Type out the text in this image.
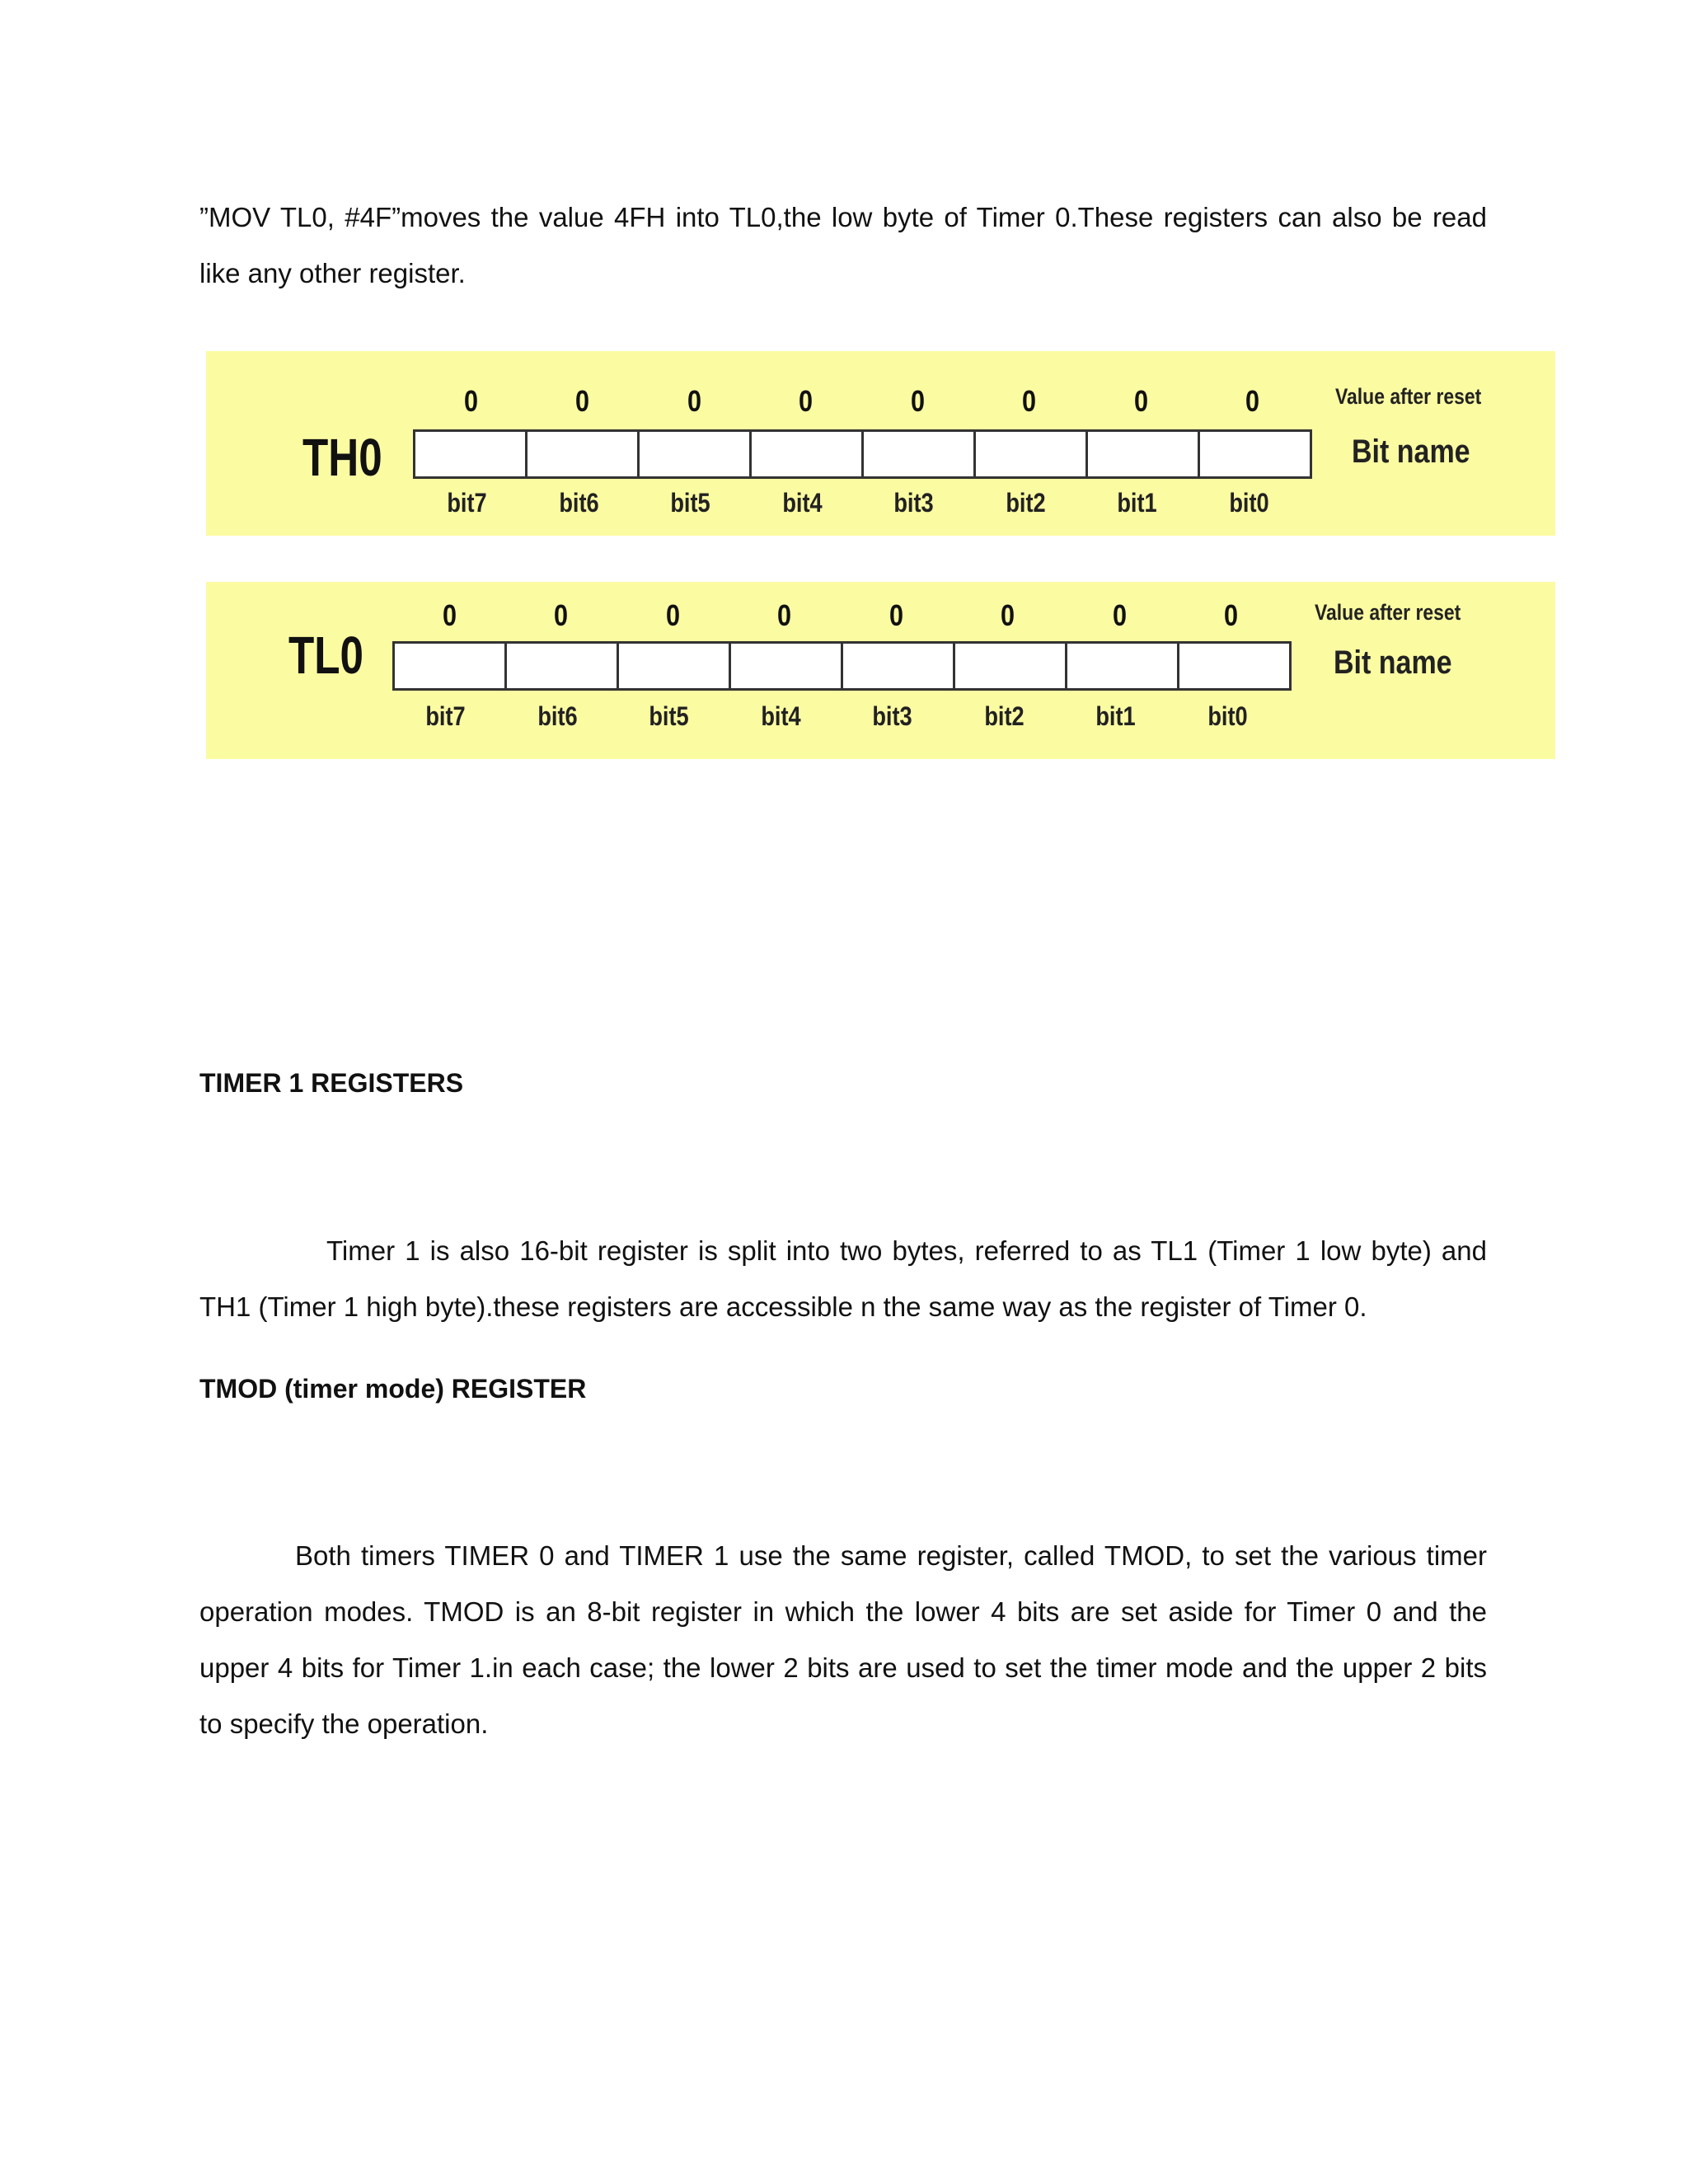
”MOV TL0, #4F”moves the value 4FH into TL0,the low byte of Timer 0.These registers can also be read like any other register.

TH0
0	0	0	0	0	0	0	0
bit7	bit6	bit5	bit4	bit3	bit2	bit1	bit0
Value after reset
Bit name
TL0
0	0	0	0	0	0	0	0
bit7	bit6	bit5	bit4	bit3	bit2	bit1	bit0
Value after reset
Bit name
TIMER 1 REGISTERS

Timer 1 is also 16-bit register is split into two bytes, referred to as TL1 (Timer 1 low byte) and TH1 (Timer 1 high byte).these registers are accessible n the same way as the register of Timer 0.

TMOD (timer mode) REGISTER

Both timers TIMER 0 and TIMER 1 use the same register, called TMOD, to set the various timer operation modes. TMOD is an 8-bit register in which the lower 4 bits are set aside for Timer 0 and the upper 4 bits for Timer 1.in each case; the lower 2 bits are used to set the timer mode and the upper 2 bits to specify the operation.
